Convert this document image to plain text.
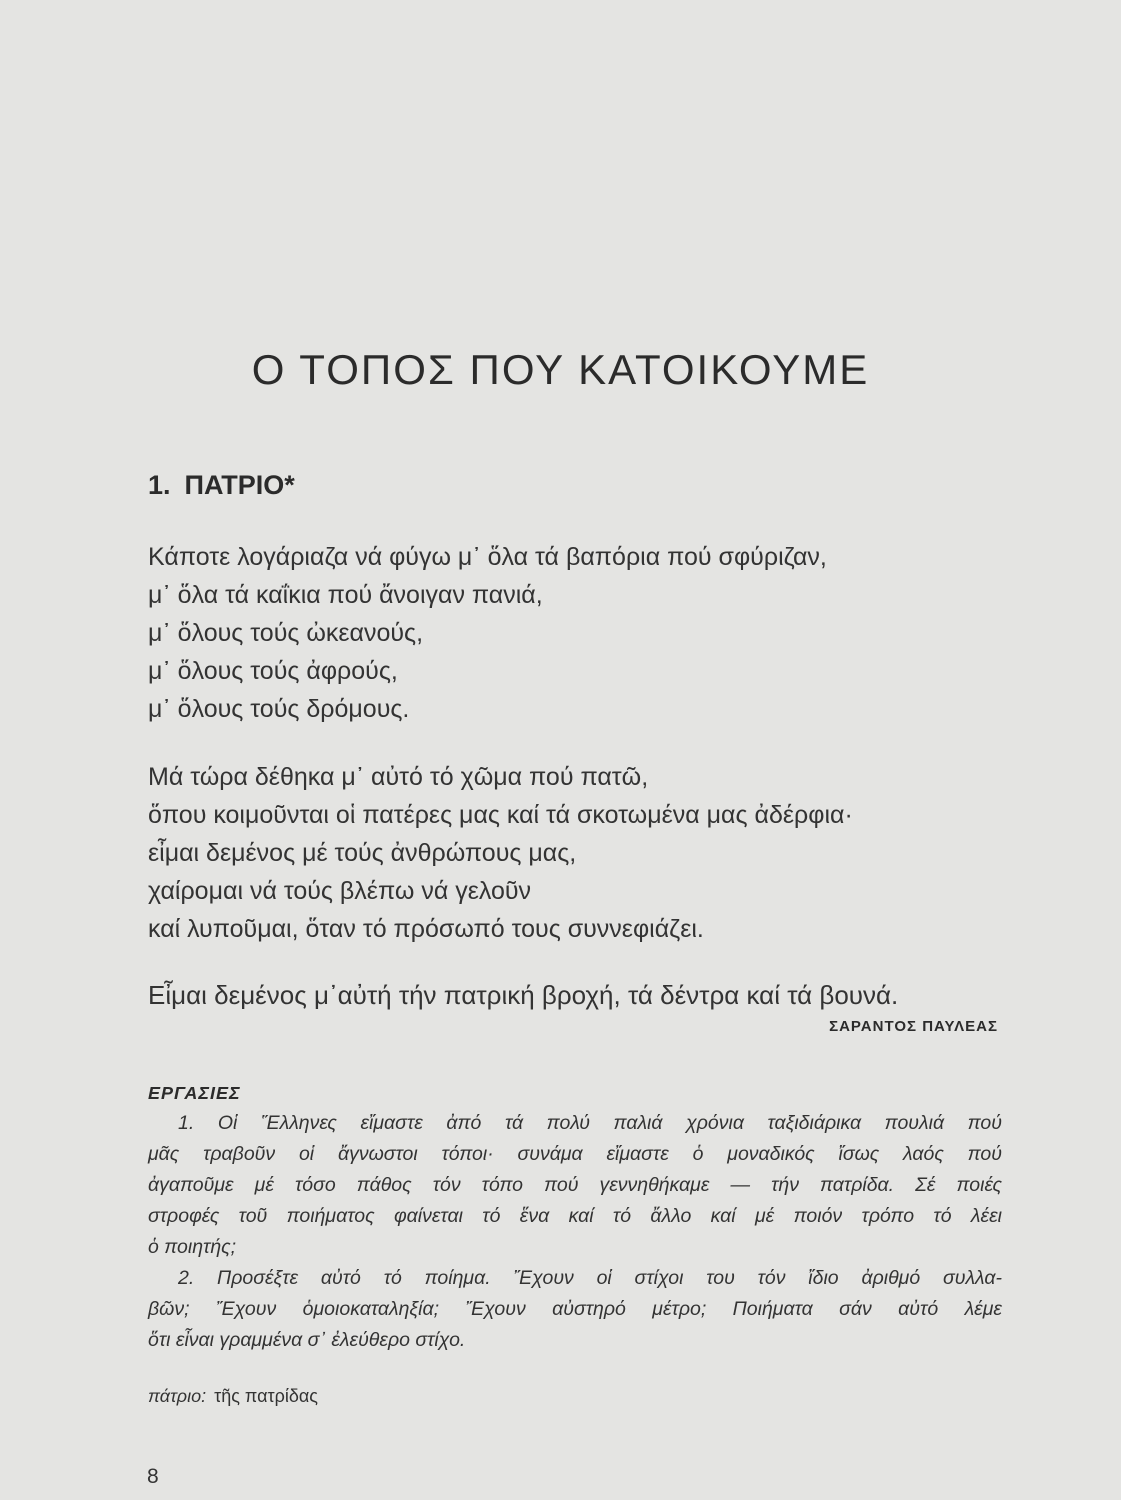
Ο ΤΟΠΟΣ ΠΟΥ ΚΑΤΟΙΚΟΥΜΕ
1. ΠΑΤΡΙΟ*
Κάποτε λογάριαζα νά φύγω μ᾿ ὅλα τά βαπόρια πού σφύριζαν,
μ᾿ ὅλα τά καΐκια πού ἄνοιγαν πανιά,
μ᾿ ὅλους τούς ὠκεανούς,
μ᾿ ὅλους τούς ἀφρούς,
μ᾿ ὅλους τούς δρόμους.
Μά τώρα δέθηκα μ᾿ αὐτό τό χῶμα πού πατῶ,
ὅπου κοιμοῦνται οἱ πατέρες μας καί τά σκοτωμένα μας ἀδέρφια·
εἶμαι δεμένος μέ τούς ἀνθρώπους μας,
χαίρομαι νά τούς βλέπω νά γελοῦν
καί λυποῦμαι, ὅταν τό πρόσωπό τους συννεφιάζει.
Εἶμαι δεμένος μ᾿αὐτή τήν πατρική βροχή, τά δέντρα καί τά βουνά.
ΣΑΡΑΝΤΟΣ ΠΑΥΛΕΑΣ
ΕΡΓΑΣΙΕΣ
1. Οἱ Ἕλληνες εἴμαστε ἀπό τά πολύ παλιά χρόνια ταξιδιάρικα πουλιά πού
μᾶς τραβοῦν οἱ ἄγνωστοι τόποι· συνάμα εἴμαστε ὁ μοναδικός ἴσως λαός πού
ἀγαποῦμε μέ τόσο πάθος τόν τόπο πού γεννηθήκαμε — τήν πατρίδα. Σέ ποιές
στροφές τοῦ ποιήματος φαίνεται τό ἕνα καί τό ἄλλο καί μέ ποιόν τρόπο τό λέει
ὁ ποιητής;
2. Προσέξτε αὐτό τό ποίημα. Ἔχουν οἱ στίχοι του τόν ἴδιο ἀριθμό συλλα-
βῶν; Ἔχουν ὁμοιοκαταληξία; Ἔχουν αὐστηρό μέτρο; Ποιήματα σάν αὐτό λέμε
ὅτι εἶναι γραμμένα σ᾿ ἐλεύθερο στίχο.
πάτριο: τῆς πατρίδας
8
